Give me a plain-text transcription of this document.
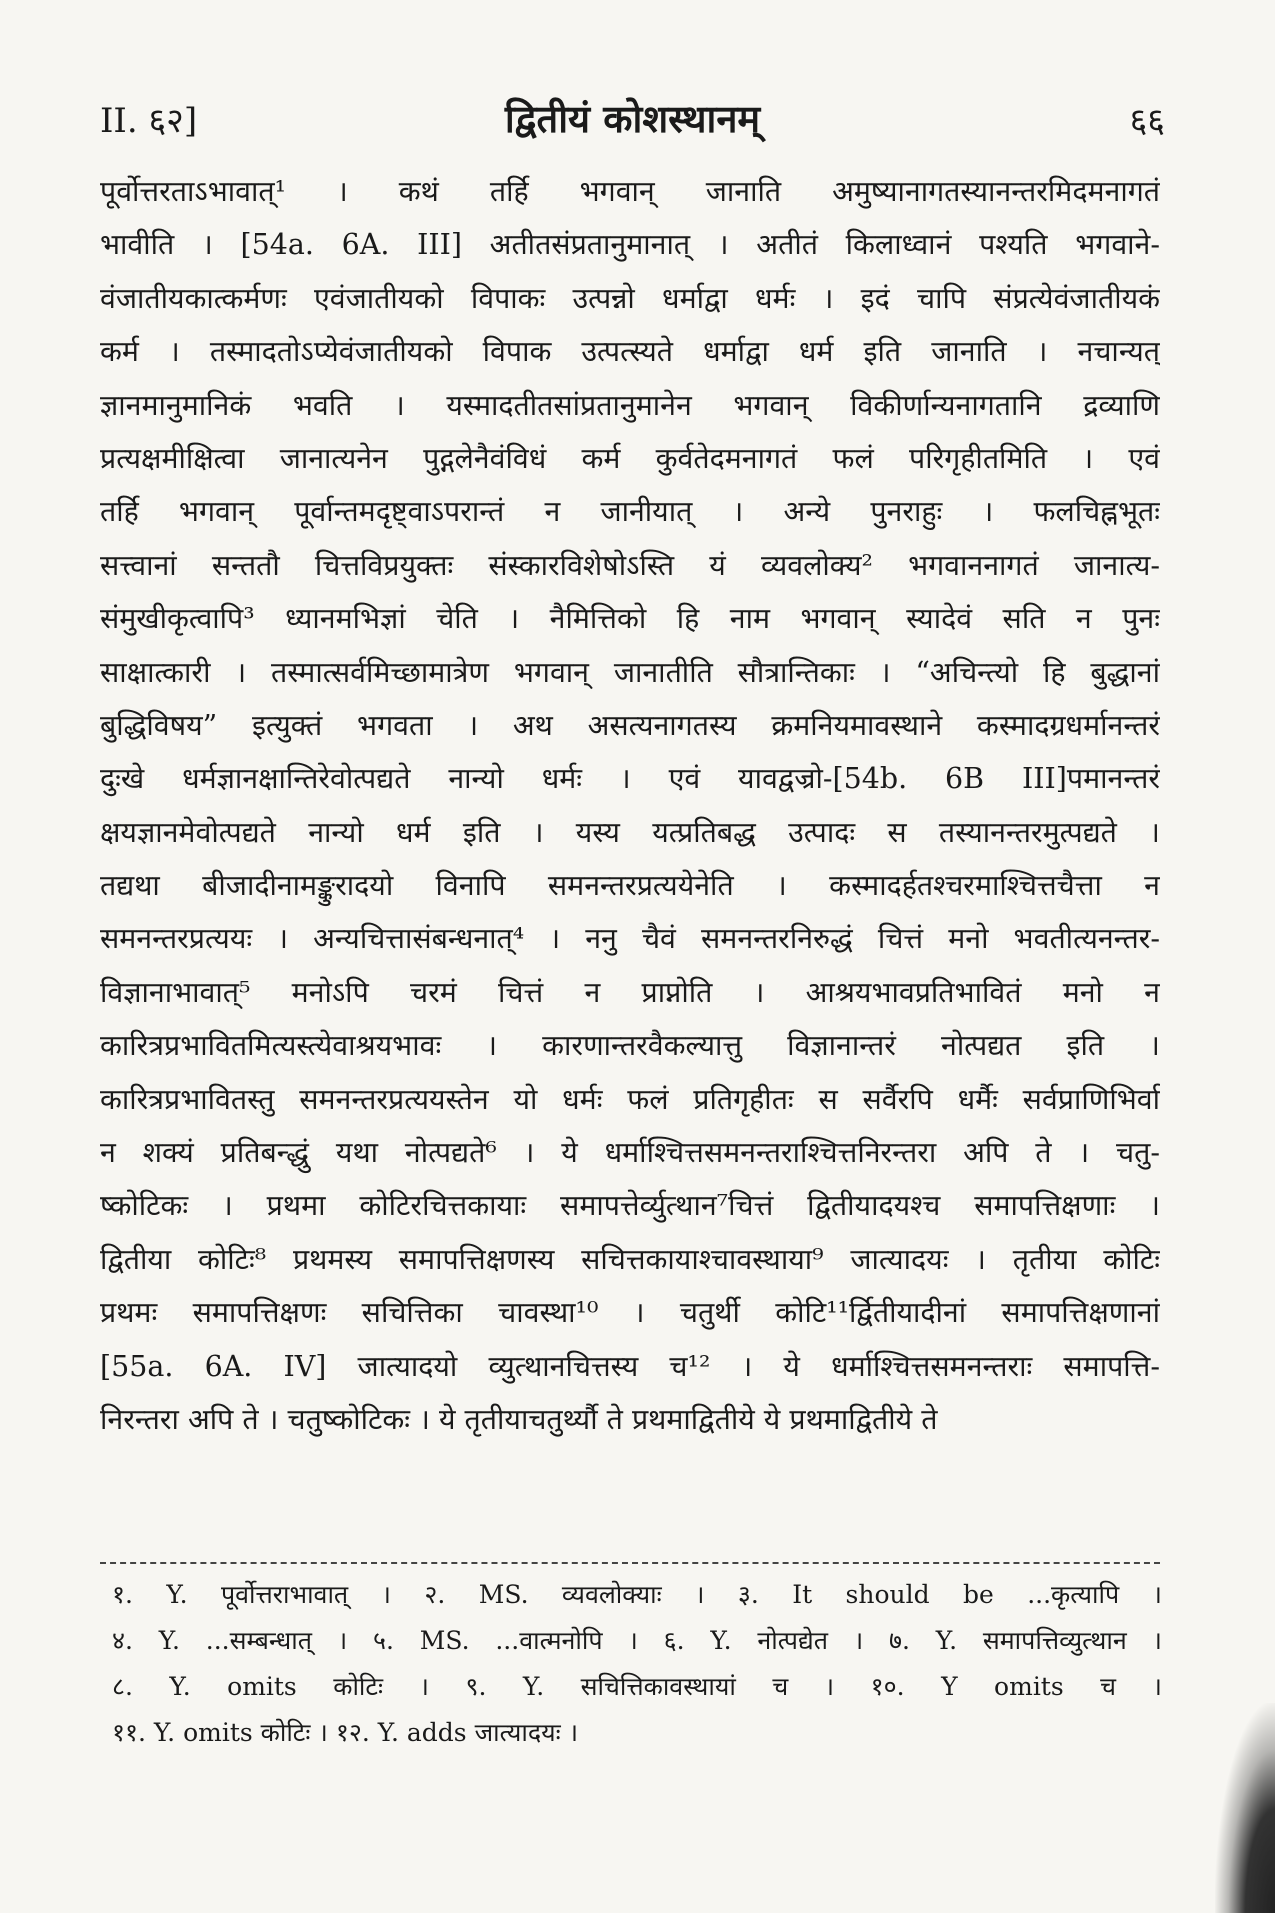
II. ६२]	द्वितीयं कोशस्थानम्	६६
पूर्वोत्तरताऽभावात्¹ । कथं तर्हि भगवान् जानाति अमुष्यानागतस्यानन्तरमिदमनागतं
भावीति । [54a. 6A. III] अतीतसंप्रतानुमानात् । अतीतं किलाध्वानं पश्यति भगवाने-
वंजातीयकात्कर्मणः एवंजातीयको विपाकः उत्पन्नो धर्माद्वा धर्मः । इदं चापि संप्रत्येवंजातीयकं
कर्म । तस्मादतोऽप्येवंजातीयको विपाक उत्पत्स्यते धर्माद्वा धर्म इति जानाति । नचान्यत्
ज्ञानमानुमानिकं भवति । यस्मादतीतसांप्रतानुमानेन भगवान् विकीर्णान्यनागतानि द्रव्याणि
प्रत्यक्षमीक्षित्वा जानात्यनेन पुद्गलेनैवंविधं कर्म कुर्वतेदमनागतं फलं परिगृहीतमिति । एवं
तर्हि भगवान् पूर्वान्तमदृष्ट्वाऽपरान्तं न जानीयात् । अन्ये पुनराहुः । फलचिह्नभूतः
सत्त्वानां सन्ततौ चित्तविप्रयुक्तः संस्कारविशेषोऽस्ति यं व्यवलोक्य² भगवाननागतं जानात्य-
संमुखीकृत्वापि³ ध्यानमभिज्ञां चेति । नैमित्तिको हि नाम भगवान् स्यादेवं सति न पुनः
साक्षात्कारी । तस्मात्सर्वमिच्छामात्रेण भगवान् जानातीति सौत्रान्तिकाः । “अचिन्त्यो हि बुद्धानां
बुद्धिविषय” इत्युक्तं भगवता । अथ असत्यनागतस्य क्रमनियमावस्थाने कस्मादग्रधर्मानन्तरं
दुःखे धर्मज्ञानक्षान्तिरेवोत्पद्यते नान्यो धर्मः । एवं यावद्वज्रो-[54b. 6B III]पमानन्तरं
क्षयज्ञानमेवोत्पद्यते नान्यो धर्म इति । यस्य यत्प्रतिबद्ध उत्पादः स तस्यानन्तरमुत्पद्यते ।
तद्यथा बीजादीनामङ्कुरादयो विनापि समनन्तरप्रत्ययेनेति । कस्मादर्हतश्चरमाश्चित्तचैत्ता न
समनन्तरप्रत्ययः । अन्यचित्तासंबन्धनात्⁴ । ननु चैवं समनन्तरनिरुद्धं चित्तं मनो भवतीत्यनन्तर-
विज्ञानाभावात्⁵ मनोऽपि चरमं चित्तं न प्राप्नोति । आश्रयभावप्रतिभावितं मनो न
कारित्रप्रभावितमित्यस्त्येवाश्रयभावः । कारणान्तरवैकल्यात्तु विज्ञानान्तरं नोत्पद्यत इति ।
कारित्रप्रभावितस्तु समनन्तरप्रत्ययस्तेन यो धर्मः फलं प्रतिगृहीतः स सर्वैरपि धर्मैः सर्वप्राणिभिर्वा
न शक्यं प्रतिबन्द्धुं यथा नोत्पद्यते⁶ । ये धर्माश्चित्तसमनन्तराश्चित्तनिरन्तरा अपि ते । चतु-
ष्कोटिकः । प्रथमा कोटिरचित्तकायाः समापत्तेर्व्युत्थान⁷चित्तं द्वितीयादयश्च समापत्तिक्षणाः ।
द्वितीया कोटिः⁸ प्रथमस्य समापत्तिक्षणस्य सचित्तकायाश्चावस्थाया⁹ जात्यादयः । तृतीया कोटिः
प्रथमः समापत्तिक्षणः सचित्तिका चावस्था¹⁰ । चतुर्थी कोटि¹¹र्द्वितीयादीनां समापत्तिक्षणानां
[55a. 6A. IV] जात्यादयो व्युत्थानचित्तस्य च¹² । ये धर्माश्चित्तसमनन्तराः समापत्ति-
निरन्तरा अपि ते । चतुष्कोटिकः । ये तृतीयाचतुर्थ्यौ ते प्रथमाद्वितीये ये प्रथमाद्वितीये ते
१. Y. पूर्वोत्तराभावात् । २. MS. व्यवलोक्याः । ३. It should be ...कृत्यापि ।
४. Y. ...सम्बन्धात् । ५. MS. ...वात्मनोपि । ६. Y. नोत्पद्येत । ७. Y. समापत्तिव्युत्थान ।
८. Y. omits कोटिः । ९. Y. सचित्तिकावस्थायां च । १०. Y omits च ।
११. Y. omits कोटिः । १२. Y. adds जात्यादयः ।
